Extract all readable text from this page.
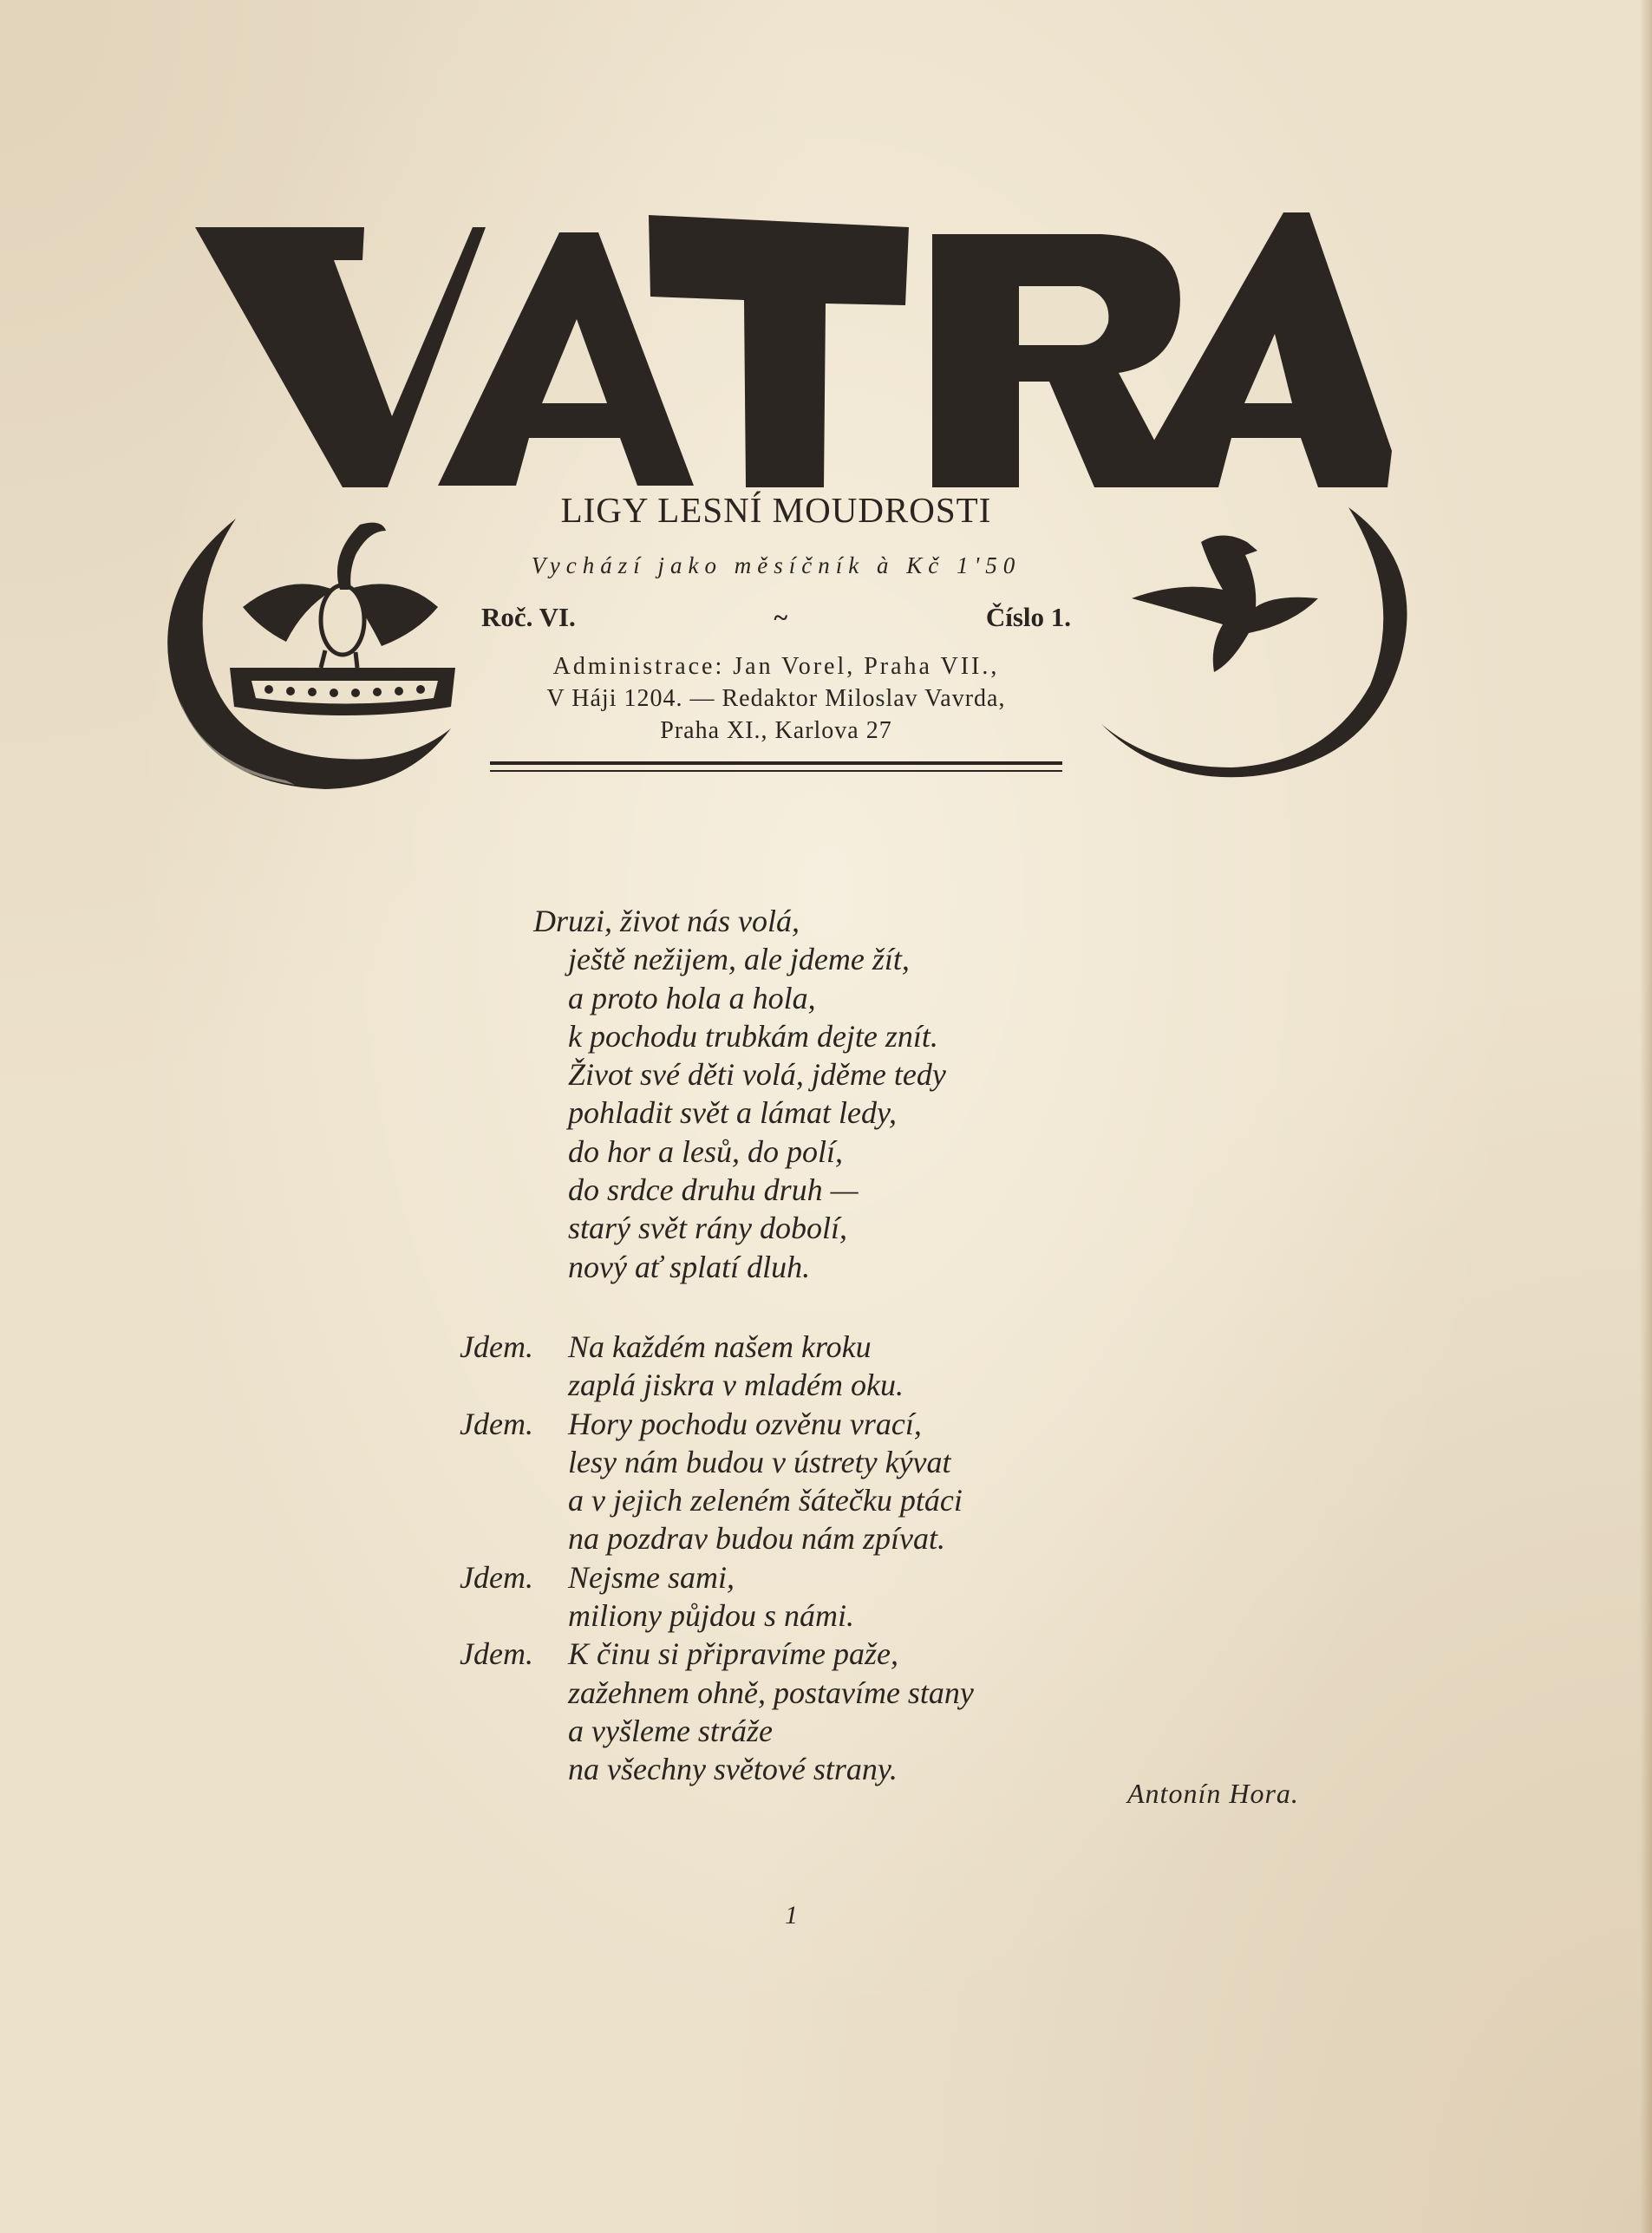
LIGY LESNÍ MOUDROSTI
Vychází jako měsíčník à Kč 1'50
Roč. VI.	~	Číslo 1.
Administrace: Jan Vorel, Praha VII.,
V Háji 1204. — Redaktor Miloslav Vavrda,
Praha XI., Karlova 27
Druzi, život nás volá,
ještě nežijem, ale jdeme žít,
a proto hola a hola,
k pochodu trubkám dejte znít.
Život své děti volá, jděme tedy
pohladit svět a lámat ledy,
do hor a lesů, do polí,
do srdce druhu druh —
starý svět rány dobolí,
nový ať splatí dluh.
Jdem. Na každém našem kroku
zaplá jiskra v mladém oku.
Jdem. Hory pochodu ozvěnu vrací,
lesy nám budou v ústrety kývat
a v jejich zeleném šátečku ptáci
na pozdrav budou nám zpívat.
Jdem. Nejsme sami,
miliony půjdou s námi.
Jdem. K činu si připravíme paže,
zažehnem ohně, postavíme stany
a vyšleme stráže
na všechny světové strany.
Antonín Hora.
1
